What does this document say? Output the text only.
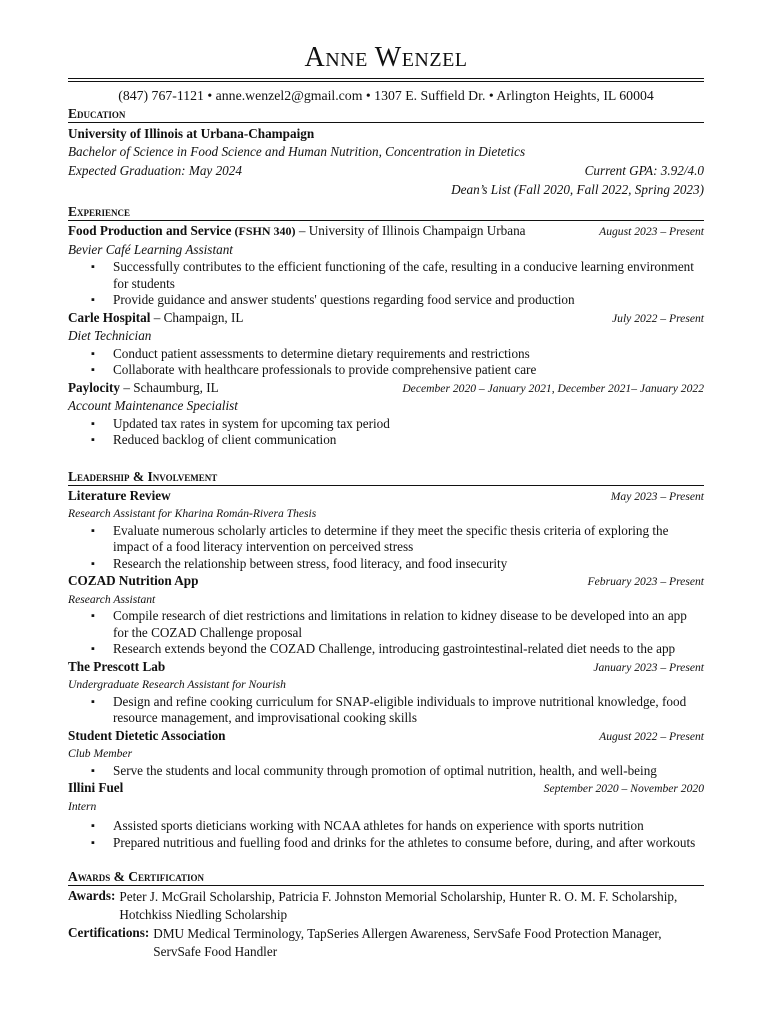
Anne Wenzel
(847) 767-1121 • anne.wenzel2@gmail.com • 1307 E. Suffield Dr. • Arlington Heights, IL 60004
Education
University of Illinois at Urbana-Champaign
Bachelor of Science in Food Science and Human Nutrition, Concentration in Dietetics
Expected Graduation: May 2024	Current GPA: 3.92/4.0
Dean’s List (Fall 2020, Fall 2022, Spring 2023)
Experience
Food Production and Service (FSHN 340) – University of Illinois Champaign Urbana	August 2023 – Present
Bevier Café Learning Assistant
▪ Successfully contributes to the efficient functioning of the cafe, resulting in a conducive learning environment for students
▪ Provide guidance and answer students' questions regarding food service and production
Carle Hospital – Champaign, IL	July 2022 – Present
Diet Technician
▪ Conduct patient assessments to determine dietary requirements and restrictions
▪ Collaborate with healthcare professionals to provide comprehensive patient care
Paylocity – Schaumburg, IL	December 2020 – January 2021, December 2021– January 2022
Account Maintenance Specialist
▪ Updated tax rates in system for upcoming tax period
▪ Reduced backlog of client communication
Leadership & Involvement
Literature Review	May 2023 – Present
Research Assistant for Kharina Román-Rivera Thesis
▪ Evaluate numerous scholarly articles to determine if they meet the specific thesis criteria of exploring the impact of a food literacy intervention on perceived stress
▪ Research the relationship between stress, food literacy, and food insecurity
COZAD Nutrition App	February 2023 – Present
Research Assistant
▪ Compile research of diet restrictions and limitations in relation to kidney disease to be developed into an app for the COZAD Challenge proposal
▪ Research extends beyond the COZAD Challenge, introducing gastrointestinal-related diet needs to the app
The Prescott Lab	January 2023 – Present
Undergraduate Research Assistant for Nourish
▪ Design and refine cooking curriculum for SNAP-eligible individuals to improve nutritional knowledge, food resource management, and improvisational cooking skills
Student Dietetic Association	August 2022 – Present
Club Member
▪ Serve the students and local community through promotion of optimal nutrition, health, and well-being
Illini Fuel	September 2020 – November 2020
Intern
▪ Assisted sports dieticians working with NCAA athletes for hands on experience with sports nutrition
▪ Prepared nutritious and fuelling food and drinks for the athletes to consume before, during, and after workouts
Awards & Certification
Awards: Peter J. McGrail Scholarship, Patricia F. Johnston Memorial Scholarship, Hunter R. O. M. F. Scholarship, Hotchkiss Niedling Scholarship
Certifications: DMU Medical Terminology, TapSeries Allergen Awareness, ServSafe Food Protection Manager, ServSafe Food Handler
